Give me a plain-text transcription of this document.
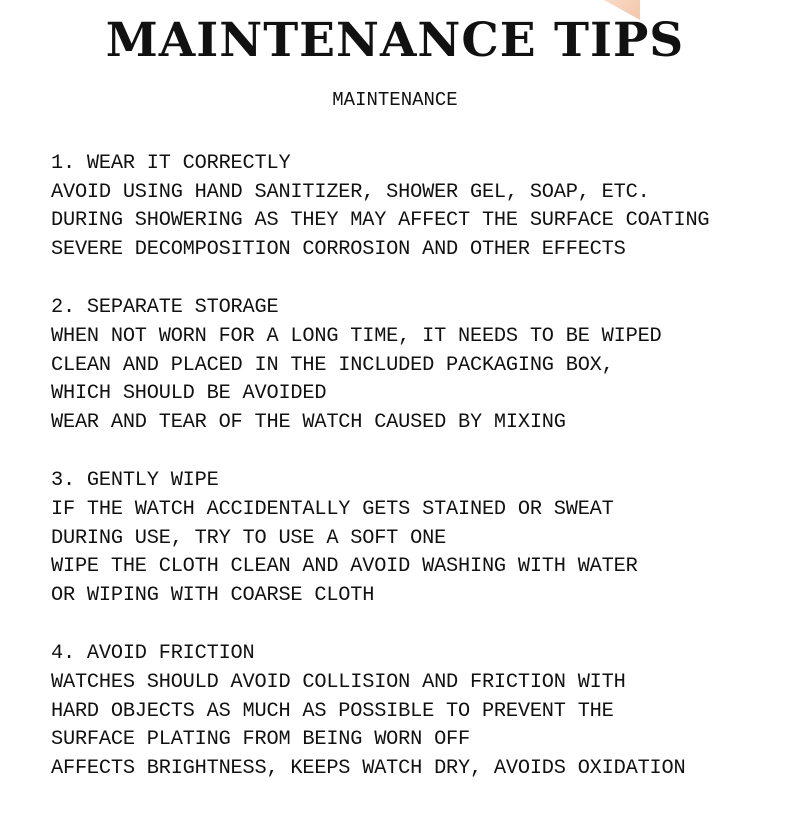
MAINTENANCE TIPS
MAINTENANCE

1. WEAR IT CORRECTLY

AVOID USING HAND SANITIZER, SHOWER GEL, SOAP, ETC.

DURING SHOWERING AS THEY MAY AFFECT THE SURFACE COATING

SEVERE DECOMPOSITION CORROSION AND OTHER EFFECTS

2. SEPARATE STORAGE

WHEN NOT WORN FOR A LONG TIME, IT NEEDS TO BE WIPED

CLEAN AND PLACED IN THE INCLUDED PACKAGING BOX,

WHICH SHOULD BE AVOIDED

WEAR AND TEAR OF THE WATCH CAUSED BY MIXING

3. GENTLY WIPE

IF THE WATCH ACCIDENTALLY GETS STAINED OR SWEAT

DURING USE, TRY TO USE A SOFT ONE

WIPE THE CLOTH CLEAN AND AVOID WASHING WITH WATER

OR WIPING WITH COARSE CLOTH

4. AVOID FRICTION

WATCHES SHOULD AVOID COLLISION AND FRICTION WITH

HARD OBJECTS AS MUCH AS POSSIBLE TO PREVENT THE

SURFACE PLATING FROM BEING WORN OFF

AFFECTS BRIGHTNESS, KEEPS WATCH DRY, AVOIDS OXIDATION
